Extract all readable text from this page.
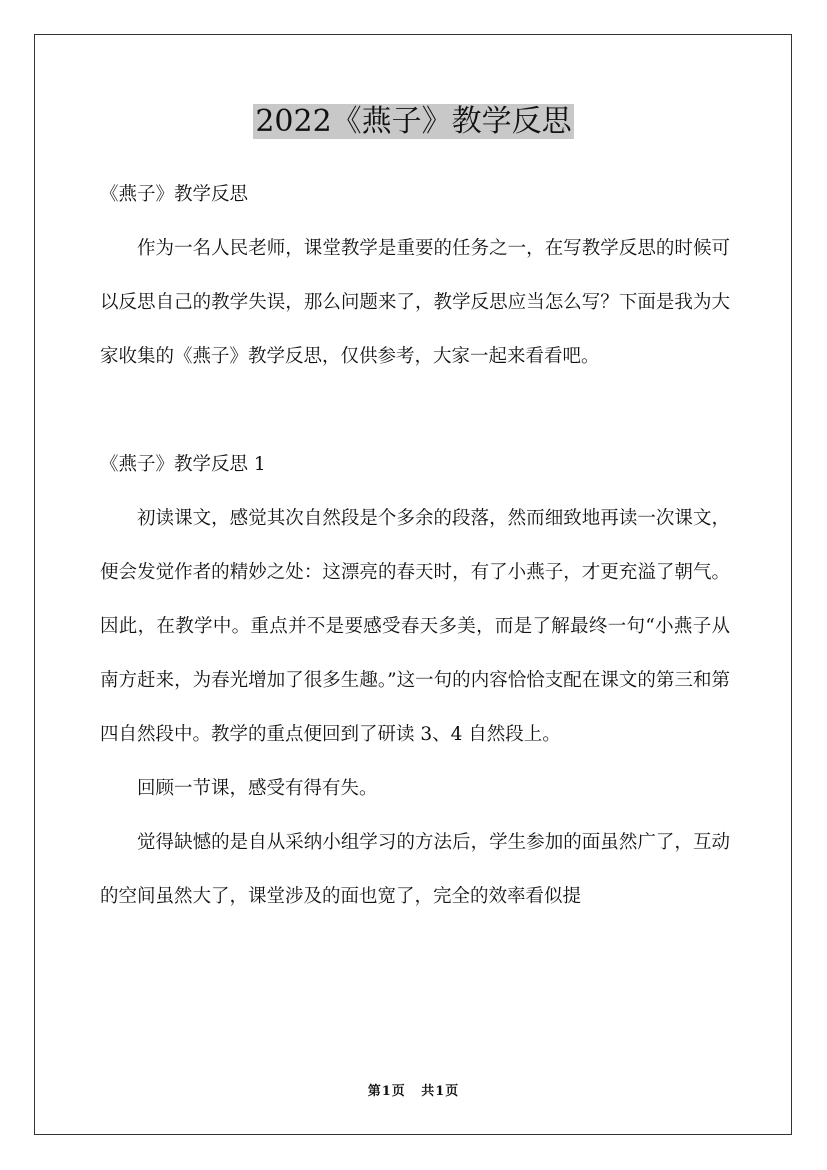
2022《燕子》教学反思

《燕子》教学反思

作为一名人民老师，课堂教学是重要的任务之一，在写教学反思的时候可以反思自己的教学失误，那么问题来了，教学反思应当怎么写？下面是我为大家收集的《燕子》教学反思，仅供参考，大家一起来看看吧。

《燕子》教学反思 1

初读课文，感觉其次自然段是个多余的段落，然而细致地再读一次课文，便会发觉作者的精妙之处：这漂亮的春天时，有了小燕子，才更充溢了朝气。因此，在教学中。重点并不是要感受春天多美，而是了解最终一句“小燕子从南方赶来，为春光增加了很多生趣。”这一句的内容恰恰支配在课文的第三和第四自然段中。教学的重点便回到了研读 3、4 自然段上。

回顾一节课，感受有得有失。

觉得缺憾的是自从采纳小组学习的方法后，学生参加的面虽然广了，互动的空间虽然大了，课堂涉及的面也宽了，完全的效率看似提

第1页 共1页
